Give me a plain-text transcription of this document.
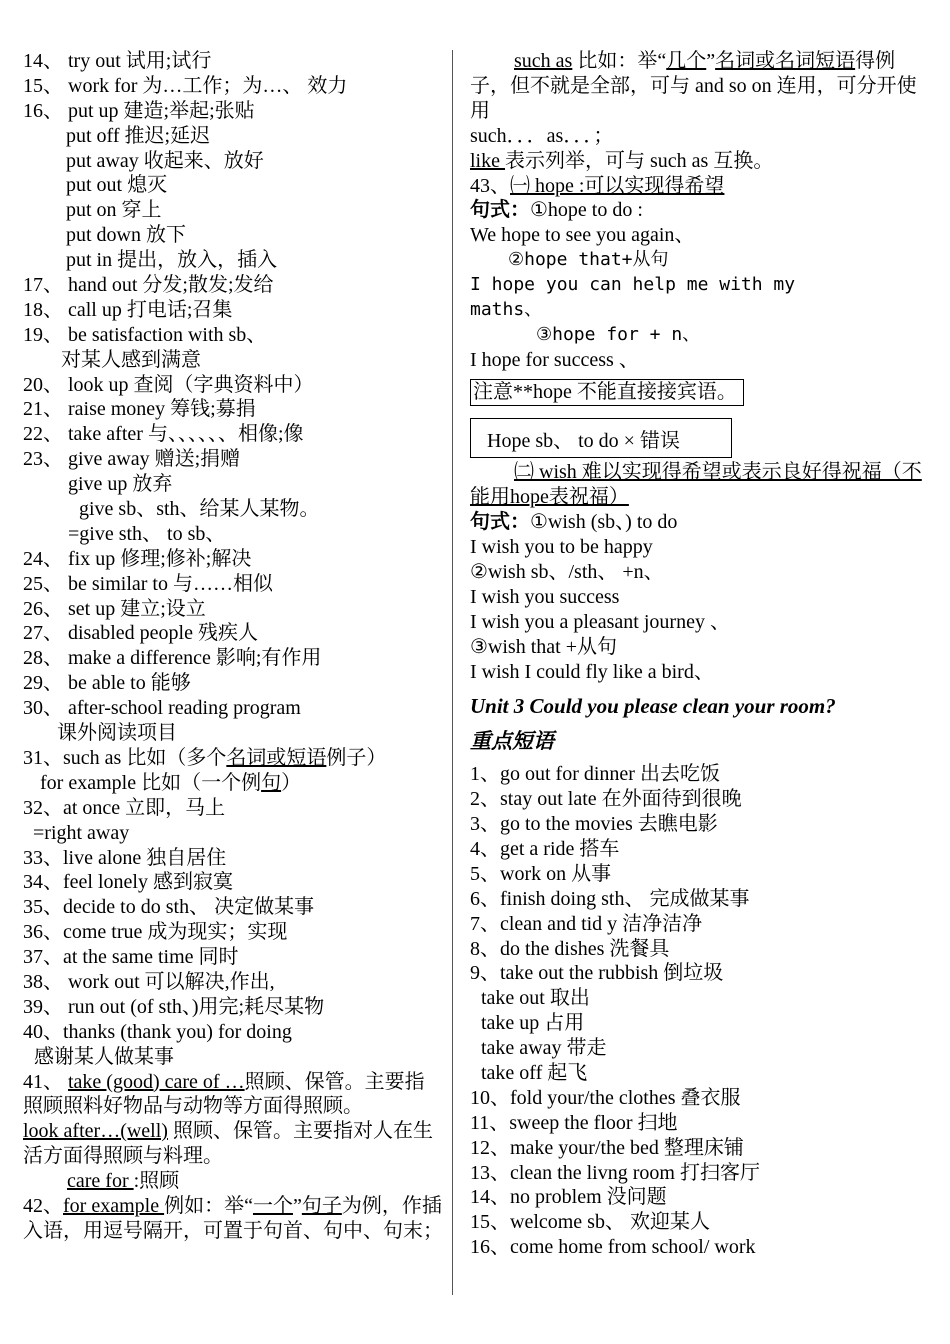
14、 try out 试用;试行
15、 work for 为…工作；为…、 效力
16、 put up 建造;举起;张贴
put off 推迟;延迟
put away 收起来、放好
put out 熄灭
put on 穿上
put down 放下
put in 提出，放入，插入
17、 hand out 分发;散发;发给
18、 call up 打电话;召集
19、 be satisfaction with sb、
对某人感到满意
20、 look up 查阅（字典资料中）
21、 raise money 筹钱;募捐
22、 take after 与、、、、、、相像;像
23、 give away 赠送;捐赠
give up 放弃
give sb、sth、给某人某物。
=give sth、 to sb、
24、 fix up 修理;修补;解决
25、 be similar to 与……相似
26、 set up 建立;设立
27、 disabled people 残疾人
28、 make a difference 影响;有作用
29、 be able to 能够
30、 after-school reading program
课外阅读项目
31、such as 比如（多个名词或短语例子）
for example 比如（一个例句）
32、at once 立即，马上
=right away
33、live alone 独自居住
34、feel lonely 感到寂寞
35、decide to do sth、 决定做某事
36、come true 成为现实；实现
37、at the same time 同时
38、 work out 可以解决,作出,
39、 run out (of sth、)用完;耗尽某物
40、thanks (thank you) for doing
感谢某人做某事
41、 take (good) care of …照顾、保管。主要指照顾照料好物品与动物等方面得照顾。
look after…(well) 照顾、保管。主要指对人在生活方面得照顾与料理。
care for :照顾
42、for example 例如：举“一个”句子为例，作插入语，用逗号隔开，可置于句首、句中、句末；
such as 比如：举“几个”名词或名词短语得例子，但不就是全部，可与 and so on 连用，可分开使用
such．．．as．．．；
like 表示列举，可与 such as 互换。
43、㈠ hope :可以实现得希望
句式：①hope to do :
We hope to see you again、
②hope that+从句
I hope you can help me with my
maths、
③hope for + n、
I hope for success 、
注意**hope 不能直接接宾语。
Hope sb、 to do × 错误
㈡ wish 难以实现得希望或表示良好得祝福（不能用hope表祝福）
句式：①wish (sb、) to do
I wish you to be happy
②wish sb、/sth、 +n、
I wish you success
I wish you a pleasant journey 、
③wish that +从句
I wish I could fly like a bird、
Unit 3 Could you please clean your room?
重点短语
1、go out for dinner 出去吃饭
2、stay out late 在外面待到很晚
3、go to the movies 去瞧电影
4、get a ride 搭车
5、work on 从事
6、finish doing sth、 完成做某事
7、clean and tid y 洁净洁净
8、do the dishes 洗餐具
9、take out the rubbish 倒垃圾
take out 取出
take up 占用
take away 带走
take off 起飞
10、fold your/the clothes 叠衣服
11、sweep the floor 扫地
12、make your/the bed 整理床铺
13、clean the livng room 打扫客厅
14、no problem 没问题
15、welcome sb、 欢迎某人
16、come home from school/ work
